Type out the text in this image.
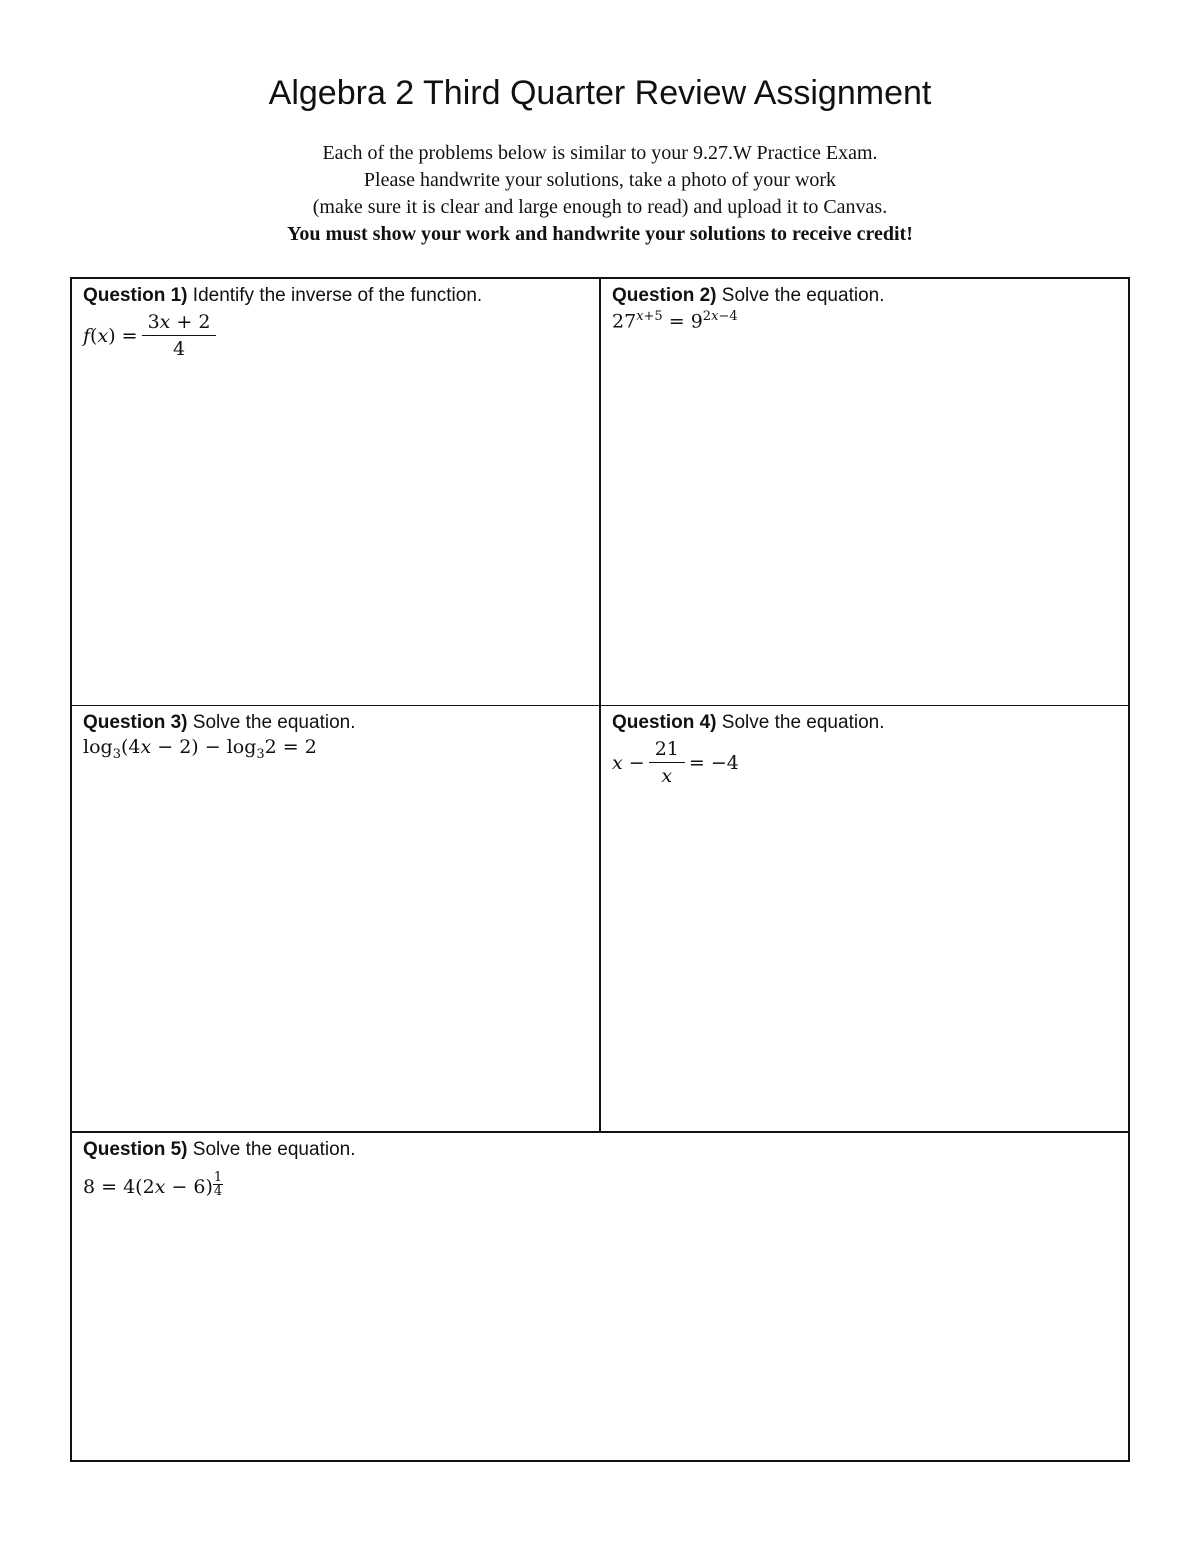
Algebra 2 Third Quarter Review Assignment
Each of the problems below is similar to your 9.27.W Practice Exam.
Please handwrite your solutions, take a photo of your work
(make sure it is clear and large enough to read) and upload it to Canvas.
You must show your work and handwrite your solutions to receive credit!
Question 1) Identify the inverse of the function.
$f(x) = \frac{3x + 2}{4}$
Question 2) Solve the equation.
$27^{x+5} = 9^{2x-4}$
Question 3) Solve the equation.
$\log_3(4x - 2) - \log_32 = 2$
Question 4) Solve the equation.
$x - \frac{21}{x} = -4$
Question 5) Solve the equation.
$8 = 4(2x - 6) \frac{1}{4}$
